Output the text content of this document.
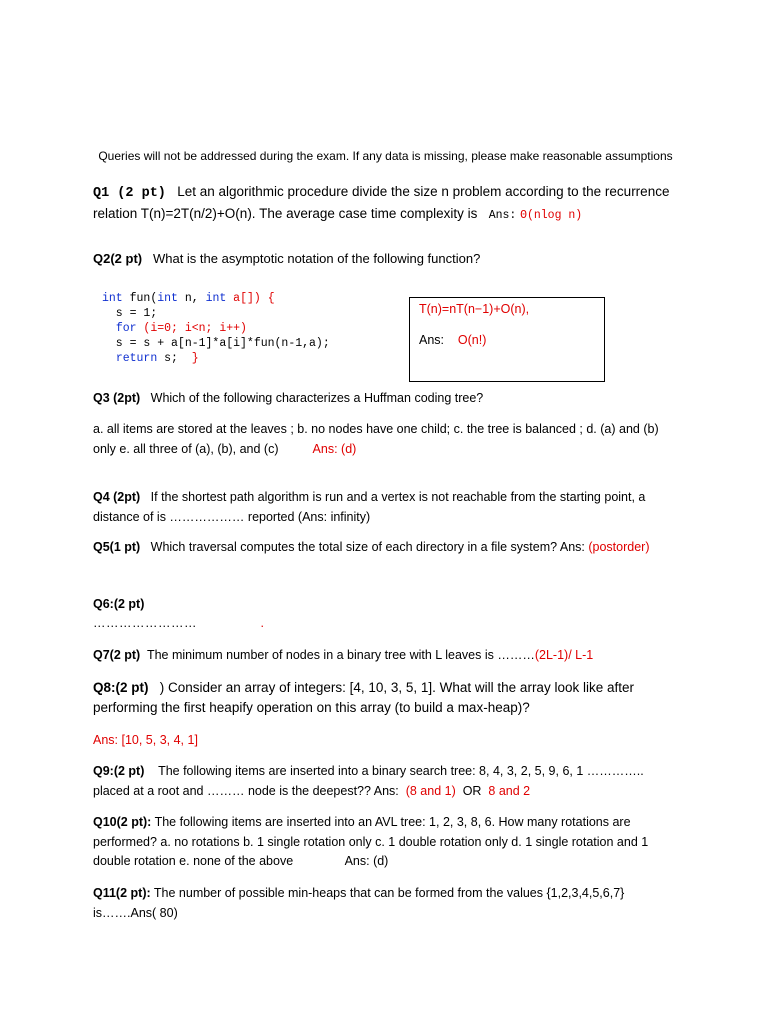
Queries will not be addressed during the exam. If any data is missing, please make reasonable assumptions
Q1 (2 pt) Let an algorithmic procedure divide the size n problem according to the recurrence relation T(n)=2T(n/2)+O(n). The average case time complexity is Ans: Θ(nlog n)
Q2(2 pt) What is the asymptotic notation of the following function?
int fun(int n, int a[]) {
s = 1;
for (i=0; i<n; i++)
s = s + a[n-1]*a[i]*fun(n-1,a);
return s;  }
T(n)=nT(n−1)+O(n),
Ans: O(n!)
Q3 (2pt) Which of the following characterizes a Huffman coding tree?
a. all items are stored at the leaves ; b. no nodes have one child; c. the tree is balanced ; d. (a) and (b) only e. all three of (a), (b), and (c)	Ans: (d)
Q4 (2pt) If the shortest path algorithm is run and a vertex is not reachable from the starting point, a distance of is ……………… reported (Ans: infinity)
Q5(1 pt) Which traversal computes the total size of each directory in a file system? Ans: (postorder)
Q6:(2 pt)
……………………	.
Q7(2 pt) The minimum number of nodes in a binary tree with L leaves is ………(2L-1)/ L-1
Q8:(2 pt) ) Consider an array of integers: [4, 10, 3, 5, 1]. What will the array look like after performing the first heapify operation on this array (to build a max-heap)?
Ans: [10, 5, 3, 4, 1]
Q9:(2 pt) The following items are inserted into a binary search tree: 8, 4, 3, 2, 5, 9, 6, 1 ………….. placed at a root and ……… node is the deepest?? Ans: (8 and 1) OR 8 and 2
Q10(2 pt): The following items are inserted into an AVL tree: 1, 2, 3, 8, 6. How many rotations are performed? a. no rotations b. 1 single rotation only c. 1 double rotation only d. 1 single rotation and 1 double rotation e. none of the above	Ans: (d)
Q11(2 pt): The number of possible min-heaps that can be formed from the values {1,2,3,4,5,6,7} is…….Ans( 80)
